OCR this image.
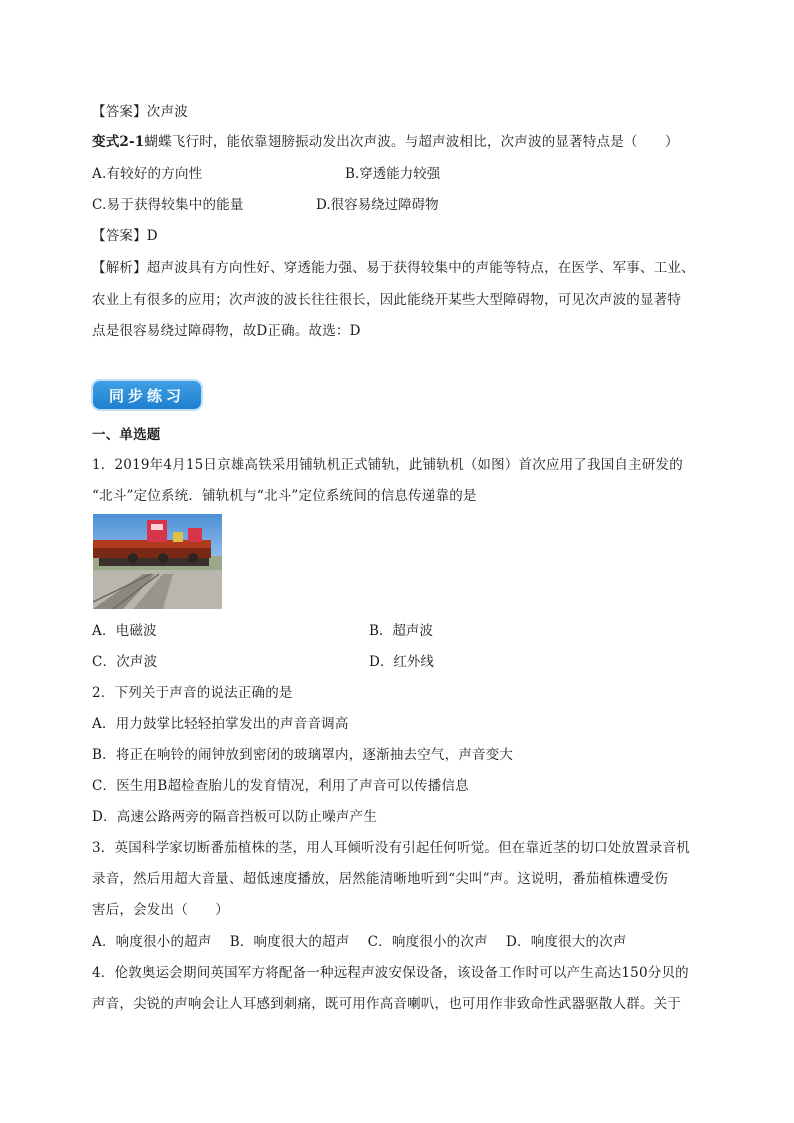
【答案】次声波
变式2-1蝴蝶飞行时，能依靠翅膀振动发出次声波。与超声波相比，次声波的显著特点是（　　）
A.有较好的方向性	B.穿透能力较强
C.易于获得较集中的能量	D.很容易绕过障碍物
【答案】D
【解析】超声波具有方向性好、穿透能力强、易于获得较集中的声能等特点，在医学、军事、工业、
农业上有很多的应用；次声波的波长往往很长，因此能绕开某些大型障碍物，可见次声波的显著特
点是很容易绕过障碍物，故D正确。故选：D
同步练习
一、单选题
1．2019年4月15日京雄高铁采用铺轨机正式铺轨，此铺轨机（如图）首次应用了我国自主研发的
“北斗”定位系统．铺轨机与“北斗”定位系统间的信息传递靠的是
A．电磁波	B．超声波
C．次声波	D．红外线
2．下列关于声音的说法正确的是
A．用力鼓掌比轻轻拍掌发出的声音音调高
B．将正在响铃的闹钟放到密闭的玻璃罩内，逐渐抽去空气，声音变大
C．医生用B超检查胎儿的发育情况，利用了声音可以传播信息
D．高速公路两旁的隔音挡板可以防止噪声产生
3．英国科学家切断番茄植株的茎，用人耳倾听没有引起任何听觉。但在靠近茎的切口处放置录音机
录音，然后用超大音量、超低速度播放，居然能清晰地听到“尖叫”声。这说明，番茄植株遭受伤
害后，会发出（　　）
A．响度很小的超声　 B．响度很大的超声　 C．响度很小的次声　 D．响度很大的次声
4．伦敦奥运会期间英国军方将配备一种远程声波安保设备，该设备工作时可以产生高达150分贝的
声音，尖锐的声响会让人耳感到刺痛，既可用作高音喇叭，也可用作非致命性武器驱散人群。关于
